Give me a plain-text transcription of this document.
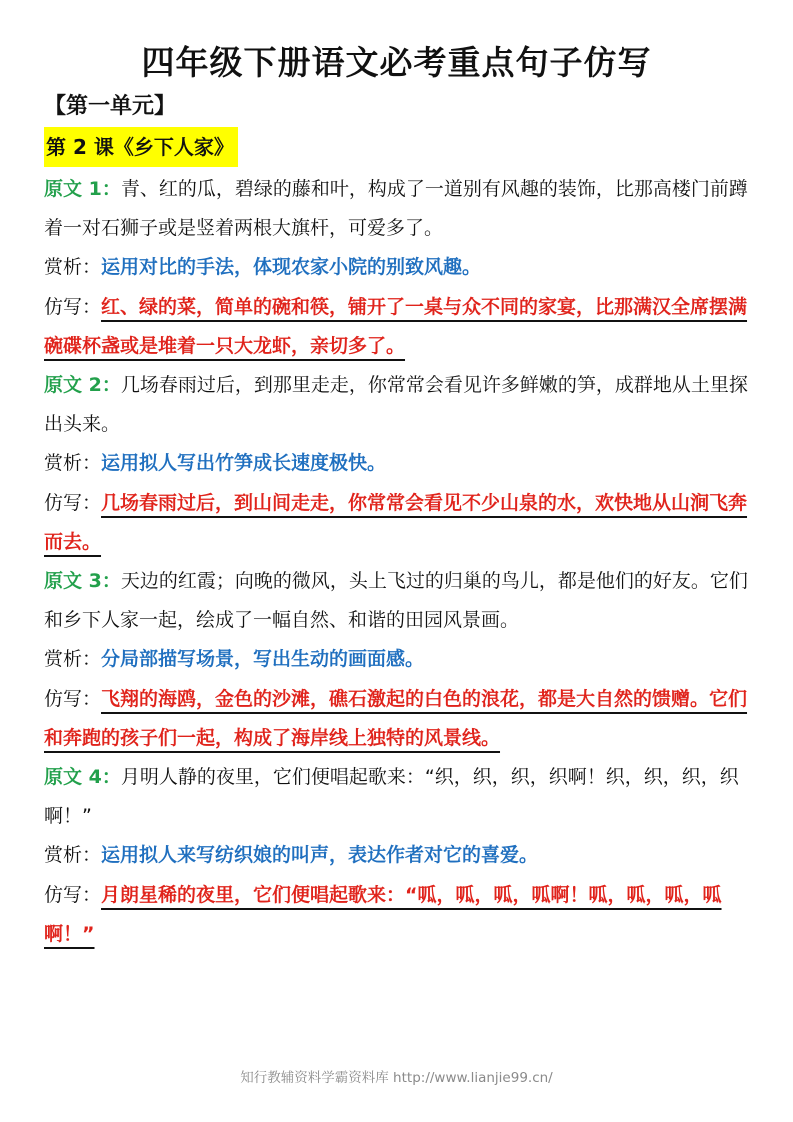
四年级下册语文必考重点句子仿写
【第一单元】
第 2 课《乡下人家》

原文 1：青、红的瓜，碧绿的藤和叶，构成了一道别有风趣的装饰，比那高楼门前蹲着一对石狮子或是竖着两根大旗杆，可爱多了。

赏析：运用对比的手法，体现农家小院的别致风趣。

仿写：红、绿的菜，简单的碗和筷，铺开了一桌与众不同的家宴，比那满汉全席摆满碗碟杯盏或是堆着一只大龙虾，亲切多了。

原文 2：几场春雨过后，到那里走走，你常常会看见许多鲜嫩的笋，成群地从土里探出头来。

赏析：运用拟人写出竹笋成长速度极快。

仿写：几场春雨过后，到山间走走，你常常会看见不少山泉的水，欢快地从山涧飞奔而去。

原文 3：天边的红霞；向晚的微风，头上飞过的归巢的鸟儿，都是他们的好友。它们和乡下人家一起，绘成了一幅自然、和谐的田园风景画。

赏析：分局部描写场景，写出生动的画面感。

仿写：飞翔的海鸥，金色的沙滩，礁石激起的白色的浪花，都是大自然的馈赠。它们和奔跑的孩子们一起，构成了海岸线上独特的风景线。

原文 4：月明人静的夜里，它们便唱起歌来：“织，织，织，织啊！织，织，织，织啊！”

赏析：运用拟人来写纺织娘的叫声，表达作者对它的喜爱。

仿写：月朗星稀的夜里，它们便唱起歌来：“呱，呱，呱，呱啊！呱，呱，呱，呱啊！”

知行教辅资料学霸资料库 http://www.lianjie99.cn/
